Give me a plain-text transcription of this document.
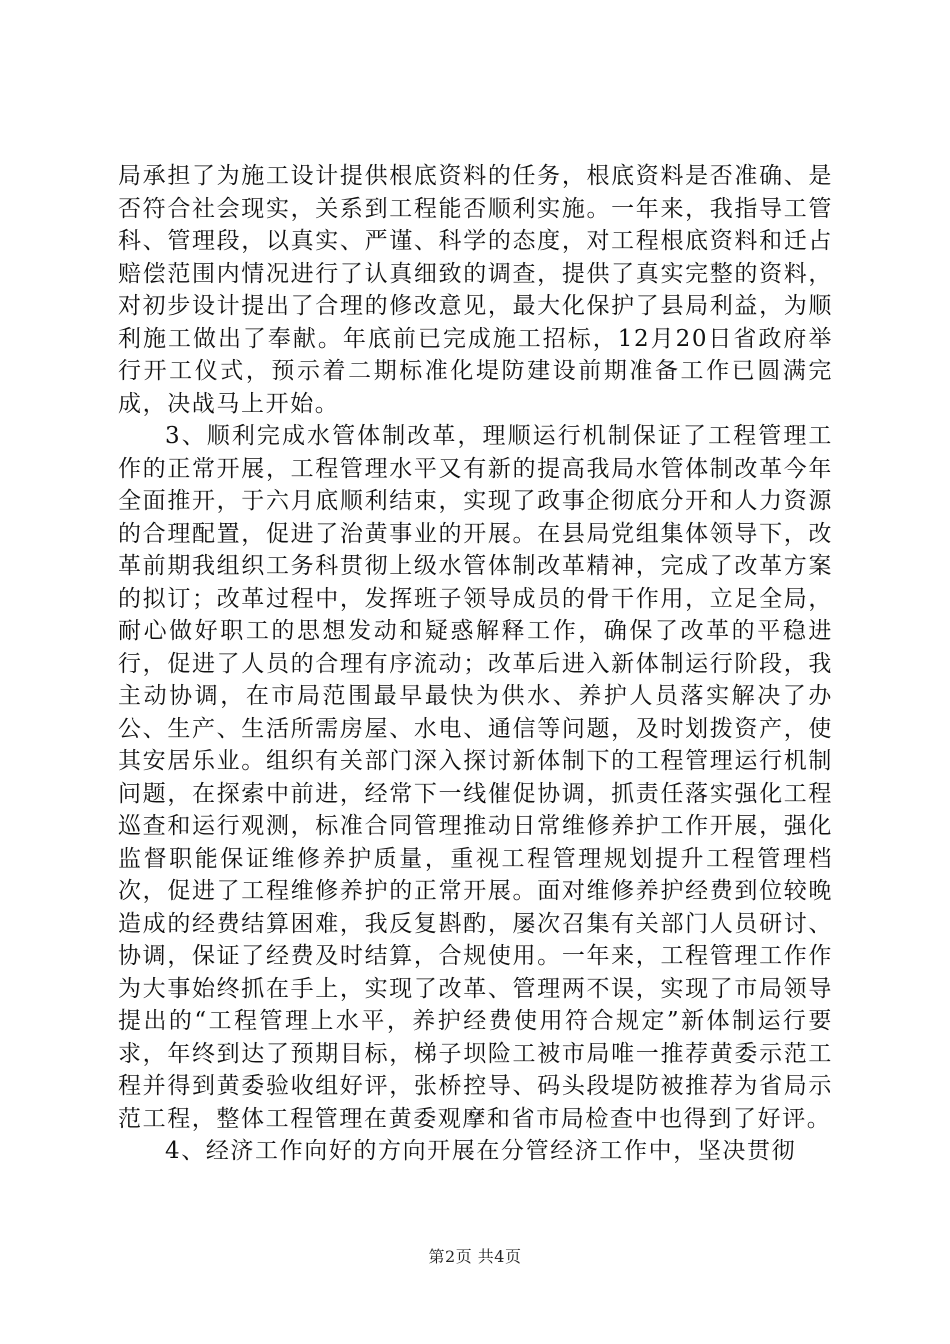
局承担了为施工设计提供根底资料的任务，根底资料是否准确、是否符合社会现实，关系到工程能否顺利实施。一年来，我指导工管科、管理段，以真实、严谨、科学的态度，对工程根底资料和迁占赔偿范围内情况进行了认真细致的调查，提供了真实完整的资料，对初步设计提出了合理的修改意见，最大化保护了县局利益，为顺利施工做出了奉献。年底前已完成施工招标，12月20日省政府举行开工仪式，预示着二期标准化堤防建设前期准备工作已圆满完成，决战马上开始。

3、顺利完成水管体制改革，理顺运行机制保证了工程管理工作的正常开展，工程管理水平又有新的提高我局水管体制改革今年全面推开，于六月底顺利结束，实现了政事企彻底分开和人力资源的合理配置，促进了治黄事业的开展。在县局党组集体领导下，改革前期我组织工务科贯彻上级水管体制改革精神，完成了改革方案的拟订；改革过程中，发挥班子领导成员的骨干作用，立足全局，耐心做好职工的思想发动和疑惑解释工作，确保了改革的平稳进行，促进了人员的合理有序流动；改革后进入新体制运行阶段，我主动协调，在市局范围最早最快为供水、养护人员落实解决了办公、生产、生活所需房屋、水电、通信等问题，及时划拨资产，使其安居乐业。组织有关部门深入探讨新体制下的工程管理运行机制问题，在探索中前进，经常下一线催促协调，抓责任落实强化工程巡查和运行观测，标准合同管理推动日常维修养护工作开展，强化监督职能保证维修养护质量，重视工程管理规划提升工程管理档次，促进了工程维修养护的正常开展。面对维修养护经费到位较晚造成的经费结算困难，我反复斟酌，屡次召集有关部门人员研讨、协调，保证了经费及时结算，合规使用。一年来，工程管理工作作为大事始终抓在手上，实现了改革、管理两不误，实现了市局领导提出的“工程管理上水平，养护经费使用符合规定”新体制运行要求，年终到达了预期目标，梯子坝险工被市局唯一推荐黄委示范工程并得到黄委验收组好评，张桥控导、码头段堤防被推荐为省局示范工程，整体工程管理在黄委观摩和省市局检查中也得到了好评。

4、经济工作向好的方向开展在分管经济工作中，坚决贯彻

第2页 共4页
